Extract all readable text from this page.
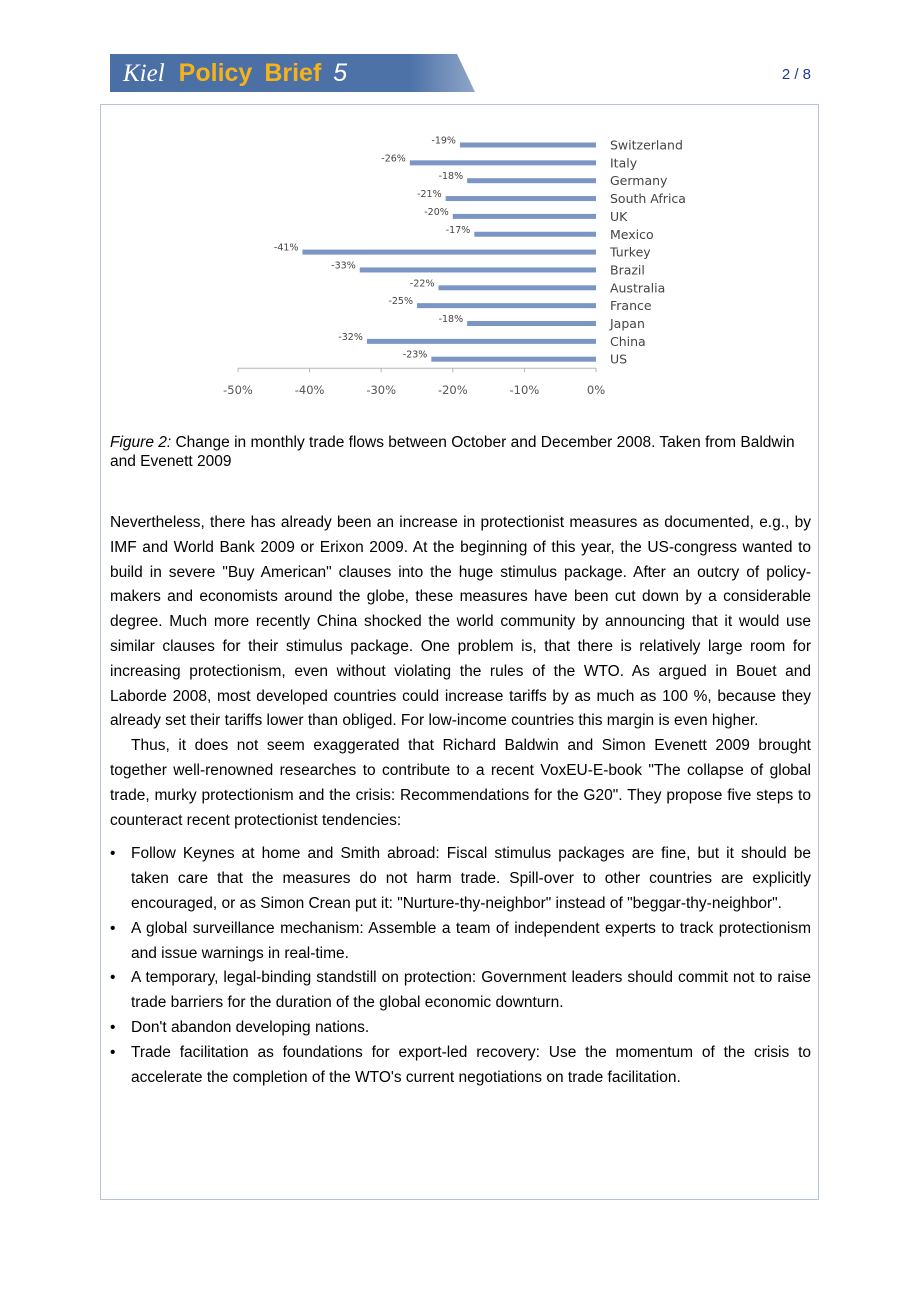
Kiel Policy Brief 5	2 / 8
-50%	-40%	-30%	-20%	-10%	0%
-19%	Switzerland
-26%	Italy
-18%	Germany
-21%	South Africa
-20%	UK
-17%	Mexico
-41%	Turkey
-33%	Brazil
-22%	Australia
-25%	France
-18%	Japan
-32%	China
-23%	US
Figure 2: Change in monthly trade flows between October and December 2008. Taken from Baldwin and Evenett 2009

Nevertheless, there has already been an increase in protectionist measures as documented, e.g., by IMF and World Bank 2009 or Erixon 2009. At the beginning of this year, the US-congress wanted to build in severe "Buy American" clauses into the huge stimulus package. After an outcry of policy-makers and economists around the globe, these measures have been cut down by a considerable degree. Much more recently China shocked the world community by announcing that it would use similar clauses for their stimulus package. One problem is, that there is relatively large room for increasing protectionism, even without violating the rules of the WTO. As argued in Bouet and Laborde 2008, most developed countries could increase tariffs by as much as 100 %, because they already set their tariffs lower than obliged. For low-income countries this margin is even higher.

Thus, it does not seem exaggerated that Richard Baldwin and Simon Evenett 2009 brought together well-renowned researches to contribute to a recent VoxEU-E-book "The collapse of global trade, murky protectionism and the crisis: Recommendations for the G20". They propose five steps to counteract recent protectionist tendencies:

• Follow Keynes at home and Smith abroad: Fiscal stimulus packages are fine, but it should be taken care that the measures do not harm trade. Spill-over to other countries are explicitly encouraged, or as Simon Crean put it: "Nurture-thy-neighbor" instead of "beggar-thy-neighbor".
• A global surveillance mechanism: Assemble a team of independent experts to track protectionism and issue warnings in real-time.
• A temporary, legal-binding standstill on protection: Government leaders should commit not to raise trade barriers for the duration of the global economic downturn.
• Don't abandon developing nations.
• Trade facilitation as foundations for export-led recovery: Use the momentum of the crisis to accelerate the completion of the WTO's current negotiations on trade facilitation.
